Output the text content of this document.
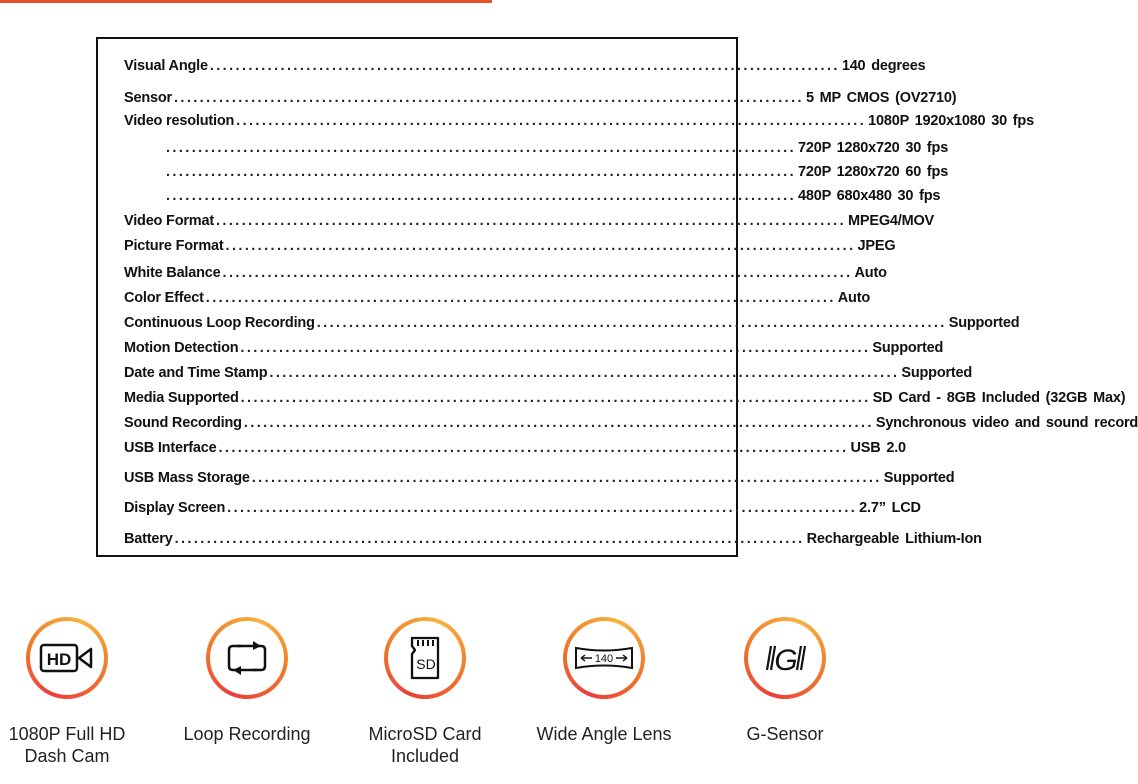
Visual Angle .................................................................................................. 140 degrees
Sensor .................................................................................................. 5 MP CMOS (OV2710)
Video resolution .................................................................................................. 1080P 1920x1080 30 fps
.................................................................................................. 720P 1280x720 30 fps
.................................................................................................. 720P 1280x720 60 fps
.................................................................................................. 480P 680x480 30 fps
Video Format .................................................................................................. MPEG4/MOV
Picture Format .................................................................................................. JPEG
White Balance .................................................................................................. Auto
Color Effect .................................................................................................. Auto
Continuous Loop Recording .................................................................................................. Supported
Motion Detection .................................................................................................. Supported
Date and Time Stamp .................................................................................................. Supported
Media Supported .................................................................................................. SD Card - 8GB Included (32GB Max)
Sound Recording .................................................................................................. Synchronous video and sound record
USB Interface .................................................................................................. USB 2.0
USB Mass Storage .................................................................................................. Supported
Display Screen .................................................................................................. 2.7” LCD
Battery .................................................................................................. Rechargeable Lithium-Ion
HD
1080P Full HD
Dash Cam
Loop Recording
SD
MicroSD Card
Included
140
Wide Angle Lens
G
G-Sensor
